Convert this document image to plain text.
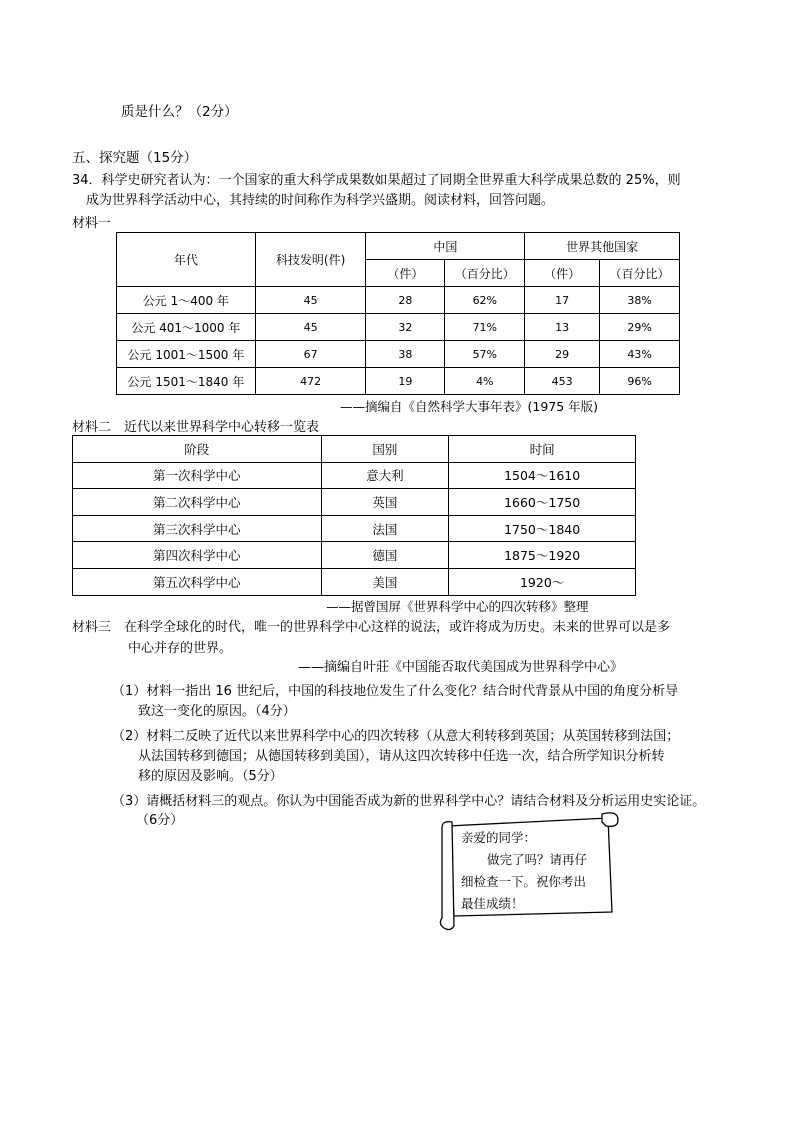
质是什么？（2分）
五、探究题（15分）
34．科学史研究者认为：一个国家的重大科学成果数如果超过了同期全世界重大科学成果总数的 25%，则
成为世界科学活动中心，其持续的时间称作为科学兴盛期。阅读材料，回答问题。
材料一
年代	科技发明(件)	中国		世界其他国家	
		（件）	（百分比）	（件）	（百分比）
公元 1～400 年	45	28	62%	17	38%
公元 401～1000 年	45	32	71%	13	29%
公元 1001～1500 年	67	38	57%	29	43%
公元 1501～1840 年	472	19	4%	453	96%
——摘编自《自然科学大事年表》(1975 年版)
材料二　近代以来世界科学中心转移一览表
阶段	国别	时间
第一次科学中心	意大利	1504～1610
第二次科学中心	英国	1660～1750
第三次科学中心	法国	1750～1840
第四次科学中心	德国	1875～1920
第五次科学中心	美国	1920～
——据曾国屏《世界科学中心的四次转移》整理
材料三　在科学全球化的时代，唯一的世界科学中心这样的说法，或许将成为历史。未来的世界可以是多
中心并存的世界。
——摘编自叶莊《中国能否取代美国成为世界科学中心》
（1）材料一指出 16 世纪后，中国的科技地位发生了什么变化？结合时代背景从中国的角度分析导
致这一变化的原因。（4分）
（2）材料二反映了近代以来世界科学中心的四次转移（从意大利转移到英国；从英国转移到法国；
从法国转移到德国；从德国转移到美国），请从这四次转移中任选一次，结合所学知识分析转
移的原因及影响。（5分）
（3）请概括材料三的观点。你认为中国能否成为新的世界科学中心？请结合材料及分析运用史实论证。
（6分）
亲爱的同学：
做完了吗？请再仔
细检查一下。祝你考出
最佳成绩！
